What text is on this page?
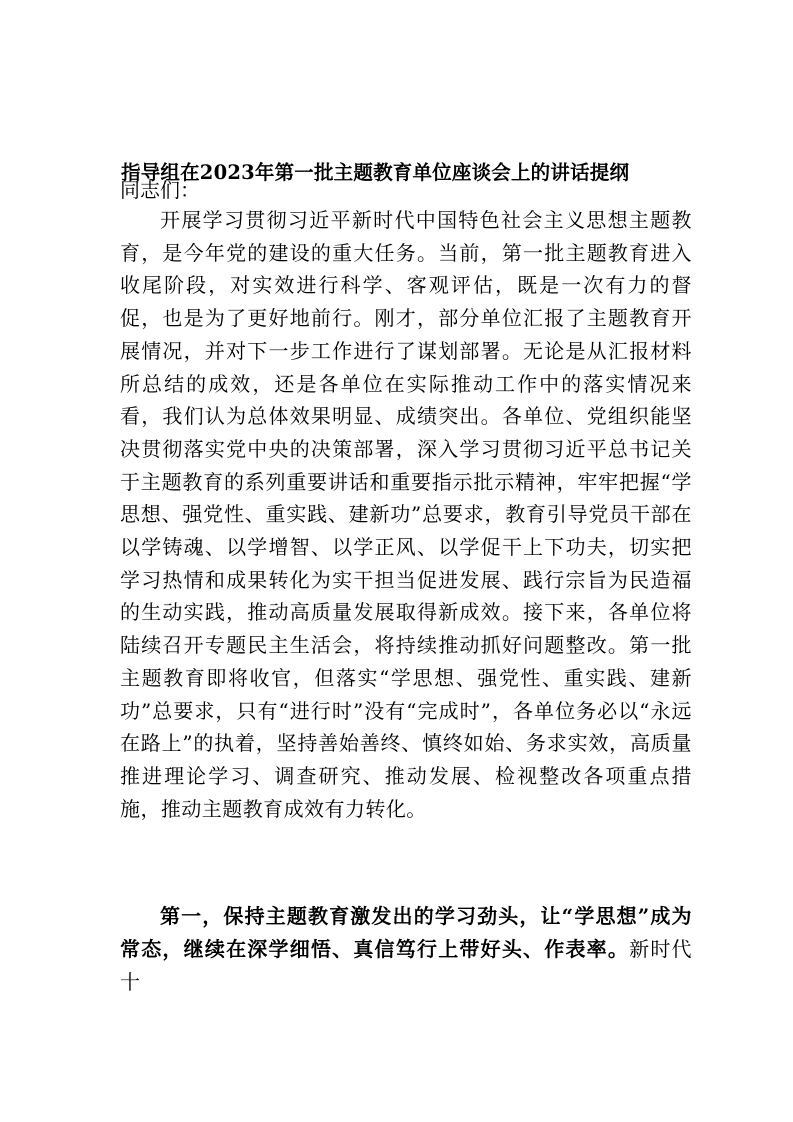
指导组在2023年第一批主题教育单位座谈会上的讲话提纲

同志们：

开展学习贯彻习近平新时代中国特色社会主义思想主题教育，是今年党的建设的重大任务。当前，第一批主题教育进入收尾阶段，对实效进行科学、客观评估，既是一次有力的督促，也是为了更好地前行。刚才，部分单位汇报了主题教育开展情况，并对下一步工作进行了谋划部署。无论是从汇报材料所总结的成效，还是各单位在实际推动工作中的落实情况来看，我们认为总体效果明显、成绩突出。各单位、党组织能坚决贯彻落实党中央的决策部署，深入学习贯彻习近平总书记关于主题教育的系列重要讲话和重要指示批示精神，牢牢把握“学思想、强党性、重实践、建新功”总要求，教育引导党员干部在以学铸魂、以学增智、以学正风、以学促干上下功夫，切实把学习热情和成果转化为实干担当促进发展、践行宗旨为民造福的生动实践，推动高质量发展取得新成效。接下来，各单位将陆续召开专题民主生活会，将持续推动抓好问题整改。第一批主题教育即将收官，但落实“学思想、强党性、重实践、建新功”总要求，只有“进行时”没有“完成时”，各单位务必以“永远在路上”的执着，坚持善始善终、慎终如始、务求实效，高质量推进理论学习、调查研究、推动发展、检视整改各项重点措施，推动主题教育成效有力转化。

第一，保持主题教育激发出的学习劲头，让“学思想”成为常态，继续在深学细悟、真信笃行上带好头、作表率。新时代十
